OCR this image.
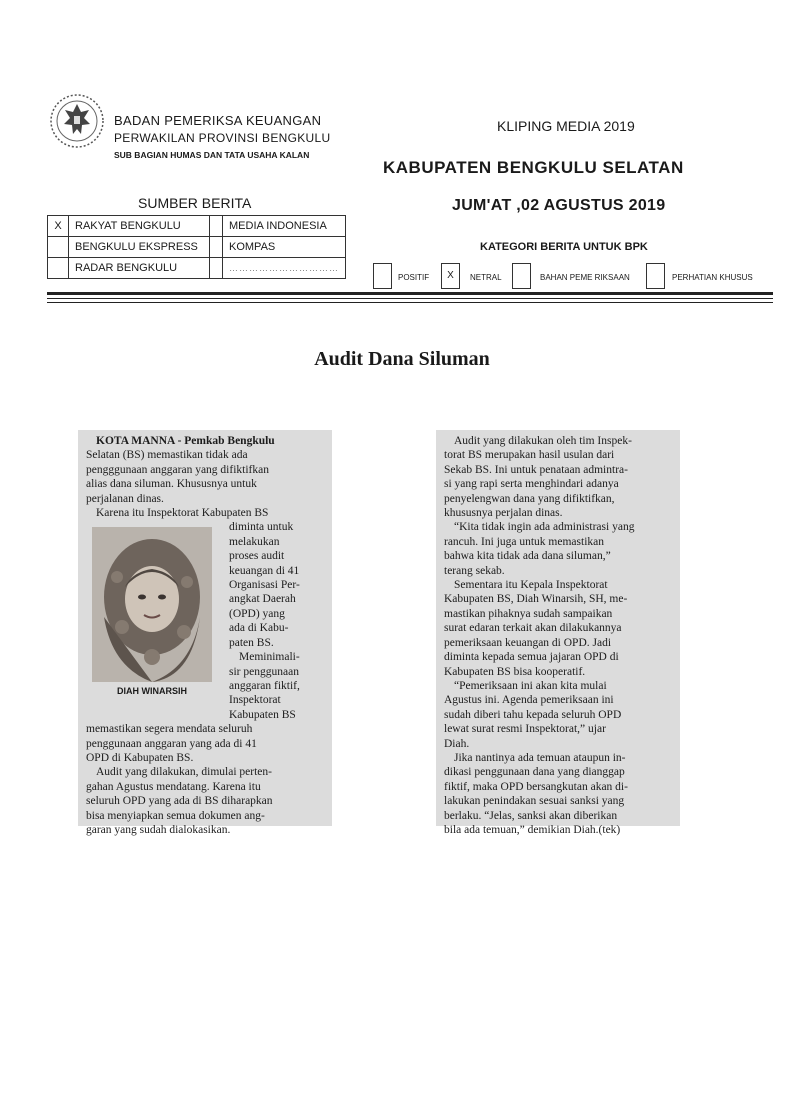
BADAN PEMERIKSA KEUANGAN
PERWAKILAN PROVINSI BENGKULU
SUB BAGIAN HUMAS DAN TATA USAHA KALAN
KLIPING MEDIA 2019
KABUPATEN BENGKULU SELATAN
JUM'AT ,02 AGUSTUS 2019
SUMBER BERITA
X	RAKYAT BENGKULU		MEDIA INDONESIA
	BENGKULU EKSPRESS		KOMPAS
	RADAR BENGKULU		……………………………
KATEGORI BERITA UNTUK BPK
POSITIF	X	NETRAL	BAHAN PEME RIKSAAN	PERHATIAN KHUSUS
Audit Dana Siluman
KOTA MANNA - Pemkab Bengkulu
Selatan (BS) memastikan tidak ada
pengggunaan anggaran yang difiktifkan
alias dana siluman. Khususnya untuk
perjalanan dinas.
Karena itu Inspektorat Kabupaten BS
diminta untuk
melakukan
proses audit
keuangan di 41
Organisasi Per-
angkat Daerah
(OPD) yang
ada di Kabu-
paten BS.
Meminimali-
sir penggunaan
anggaran fiktif,
Inspektorat
Kabupaten BS
memastikan segera mendata seluruh
penggunaan anggaran yang ada di 41
OPD di Kabupaten BS.
Audit yang dilakukan, dimulai perten-
gahan Agustus mendatang. Karena itu
seluruh OPD yang ada di BS diharapkan
bisa menyiapkan semua dokumen ang-
garan yang sudah dialokasikan.
DIAH WINARSIH
Audit yang dilakukan oleh tim Inspek-
torat BS merupakan hasil usulan dari
Sekab BS. Ini untuk penataan admintra-
si yang rapi serta menghindari adanya
penyelengwan dana yang difiktifkan,
khususnya perjalan dinas.
“Kita tidak ingin ada administrasi yang
rancuh. Ini juga untuk memastikan
bahwa kita tidak ada dana siluman,”
terang sekab.
Sementara itu Kepala Inspektorat
Kabupaten BS, Diah Winarsih, SH, me-
mastikan pihaknya sudah sampaikan
surat edaran terkait akan dilakukannya
pemeriksaan keuangan di OPD. Jadi
diminta kepada semua jajaran OPD di
Kabupaten BS bisa kooperatif.
“Pemeriksaan ini akan kita mulai
Agustus ini. Agenda pemeriksaan ini
sudah diberi tahu kepada seluruh OPD
lewat surat resmi Inspektorat,” ujar
Diah.
Jika nantinya ada temuan ataupun in-
dikasi penggunaan dana yang dianggap
fiktif, maka OPD bersangkutan akan di-
lakukan penindakan sesuai sanksi yang
berlaku. “Jelas, sanksi akan diberikan
bila ada temuan,” demikian Diah.(tek)
